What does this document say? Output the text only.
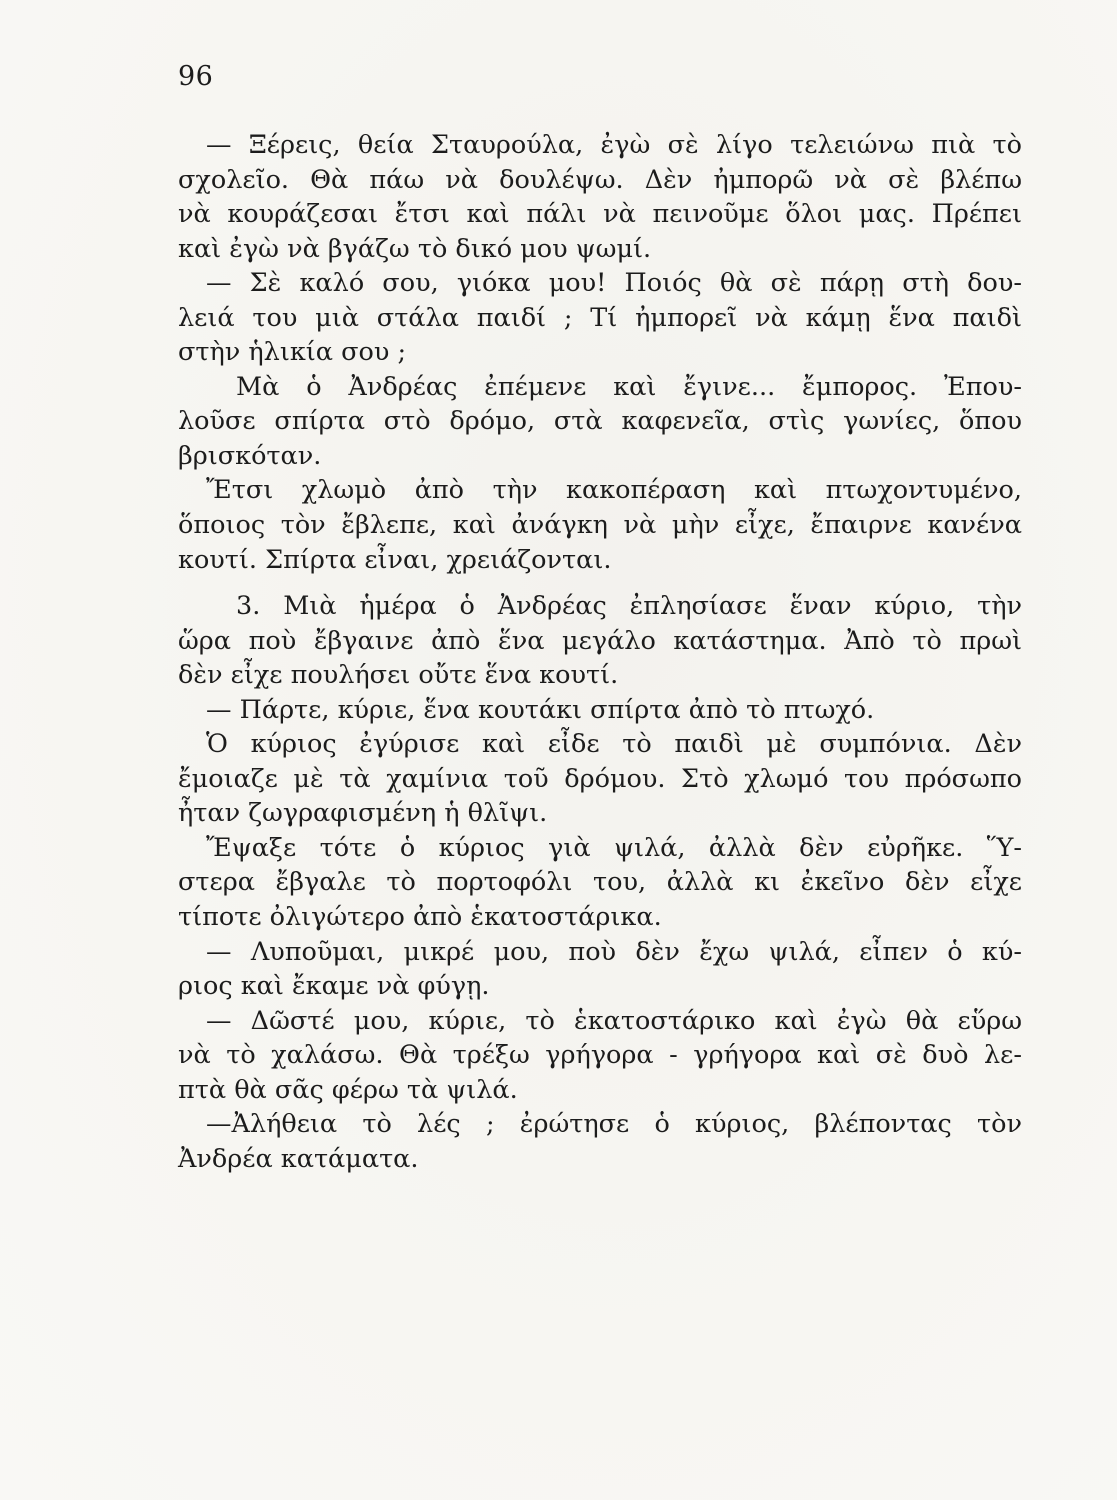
96
— Ξέρεις, θεία Σταυρούλα, ἐγὼ σὲ λίγο τελειώνω πιὰ τὸ
σχολεῖο. Θὰ πάω νὰ δουλέψω. Δὲν ἠμπορῶ νὰ σὲ βλέπω
νὰ κουράζεσαι ἔτσι καὶ πάλι νὰ πεινοῦμε ὅλοι μας. Πρέπει
καὶ ἐγὼ νὰ βγάζω τὸ δικό μου ψωμί.
— Σὲ καλό σου, γιόκα μου! Ποιός θὰ σὲ πάρῃ στὴ δου-
λειά του μιὰ στάλα παιδί ; Τί ἠμπορεῖ νὰ κάμῃ ἕνα παιδὶ
στὴν ἡλικία σου ;
Μὰ ὁ Ἀνδρέας ἐπέμενε καὶ ἔγινε... ἔμπορος. Ἐπου-
λοῦσε σπίρτα στὸ δρόμο, στὰ καφενεῖα, στὶς γωνίες, ὅπου
βρισκόταν.
Ἔτσι χλωμὸ ἀπὸ τὴν κακοπέραση καὶ πτωχοντυμένο,
ὅποιος τὸν ἔβλεπε, καὶ ἀνάγκη νὰ μὴν εἶχε, ἔπαιρνε κανένα
κουτί. Σπίρτα εἶναι, χρειάζονται.
3. Μιὰ ἡμέρα ὁ Ἀνδρέας ἐπλησίασε ἕναν κύριο, τὴν
ὥρα ποὺ ἔβγαινε ἀπὸ ἕνα μεγάλο κατάστημα. Ἀπὸ τὸ πρωὶ
δὲν εἶχε πουλήσει οὔτε ἕνα κουτί.
— Πάρτε, κύριε, ἕνα κουτάκι σπίρτα ἀπὸ τὸ πτωχό.
Ὁ κύριος ἐγύρισε καὶ εἶδε τὸ παιδὶ μὲ συμπόνια. Δὲν
ἔμοιαζε μὲ τὰ χαμίνια τοῦ δρόμου. Στὸ χλωμό του πρόσωπο
ἦταν ζωγραφισμένη ἡ θλῖψι.
Ἔψαξε τότε ὁ κύριος γιὰ ψιλά, ἀλλὰ δὲν εὐρῆκε. Ὕ-
στερα ἔβγαλε τὸ πορτοφόλι του, ἀλλὰ κι ἐκεῖνο δὲν εἶχε
τίποτε ὀλιγώτερο ἀπὸ ἑκατοστάρικα.
— Λυποῦμαι, μικρέ μου, ποὺ δὲν ἔχω ψιλά, εἶπεν ὁ κύ-
ριος καὶ ἔκαμε νὰ φύγῃ.
— Δῶστέ μου, κύριε, τὸ ἑκατοστάρικο καὶ ἐγὼ θὰ εὕρω
νὰ τὸ χαλάσω. Θὰ τρέξω γρήγορα - γρήγορα καὶ σὲ δυὸ λε-
πτὰ θὰ σᾶς φέρω τὰ ψιλά.
—Ἀλήθεια τὸ λές ; ἐρώτησε ὁ κύριος, βλέποντας τὸν
Ἀνδρέα κατάματα.
